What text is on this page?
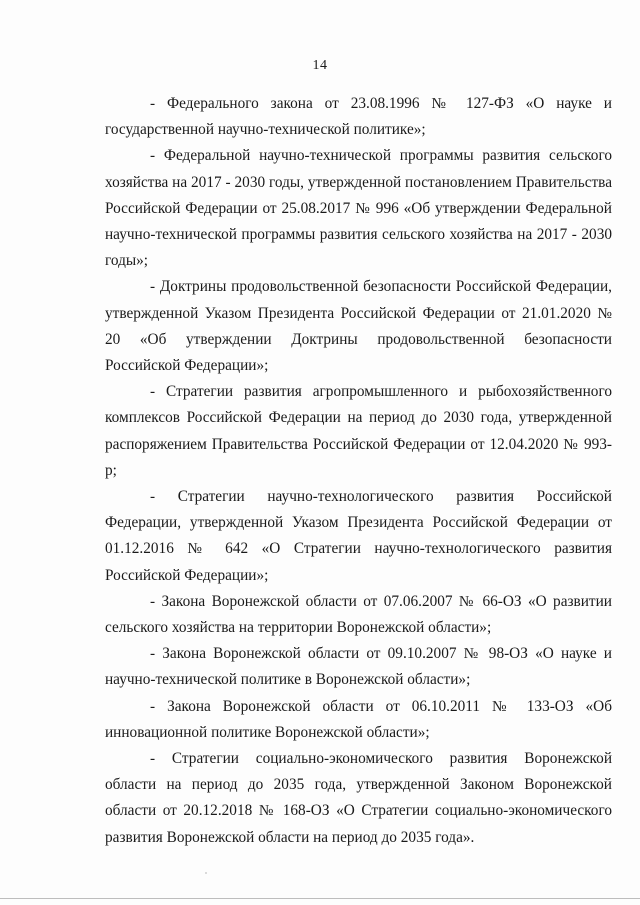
14

- Федерального закона от 23.08.1996 № 127-ФЗ «О науке и государственной научно-технической политике»;

- Федеральной научно-технической программы развития сельского хозяйства на 2017 - 2030 годы, утвержденной постановлением Правительства Российской Федерации от 25.08.2017 № 996 «Об утверждении Федеральной научно-технической программы развития сельского хозяйства на 2017 - 2030 годы»;

- Доктрины продовольственной безопасности Российской Федерации, утвержденной Указом Президента Российской Федерации от 21.01.2020 № 20 «Об утверждении Доктрины продовольственной безопасности Российской Федерации»;

- Стратегии развития агропромышленного и рыбохозяйственного комплексов Российской Федерации на период до 2030 года, утвержденной распоряжением Правительства Российской Федерации от 12.04.2020 № 993-р;

- Стратегии научно-технологического развития Российской Федерации, утвержденной Указом Президента Российской Федерации от 01.12.2016 № 642 «О Стратегии научно-технологического развития Российской Федерации»;

- Закона Воронежской области от 07.06.2007 № 66-ОЗ «О развитии сельского хозяйства на территории Воронежской области»;

- Закона Воронежской области от 09.10.2007 № 98-ОЗ «О науке и научно-технической политике в Воронежской области»;

- Закона Воронежской области от 06.10.2011 № 133-ОЗ «Об инновационной политике Воронежской области»;

- Стратегии социально-экономического развития Воронежской области на период до 2035 года, утвержденной Законом Воронежской области от 20.12.2018 № 168-ОЗ «О Стратегии социально-экономического развития Воронежской области на период до 2035 года».
